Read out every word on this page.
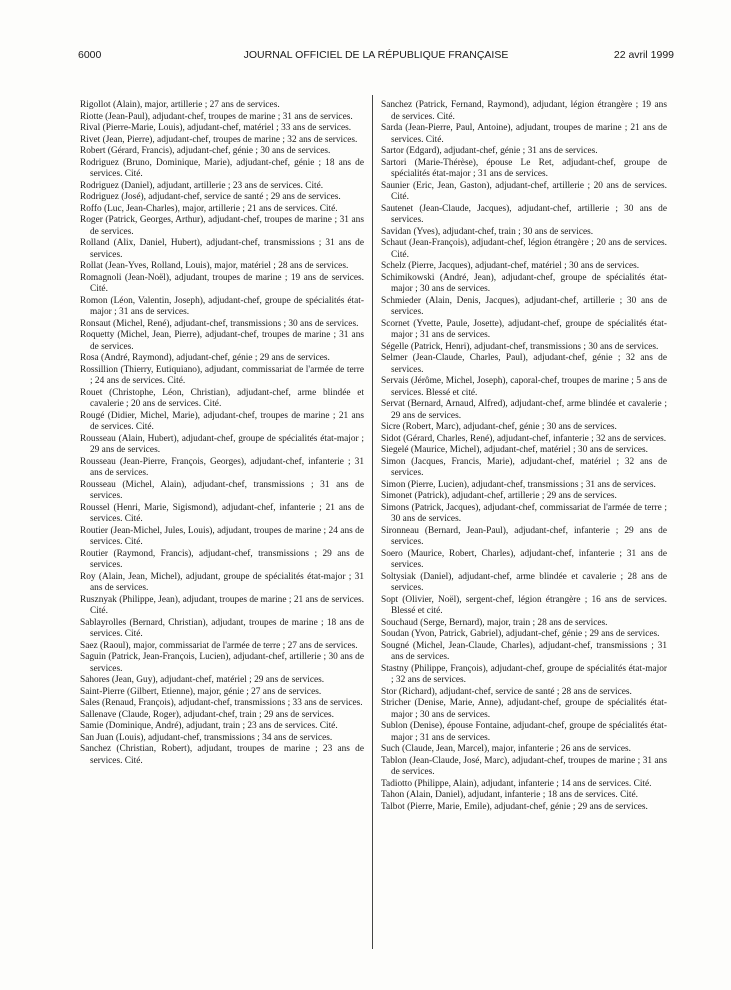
6000	JOURNAL OFFICIEL DE LA RÉPUBLIQUE FRANÇAISE	22 avril 1999

Rigollot (Alain), major, artillerie ; 27 ans de services.

Riotte (Jean-Paul), adjudant-chef, troupes de marine ; 31 ans de services.

Rival (Pierre-Marie, Louis), adjudant-chef, matériel ; 33 ans de services.

Rivet (Jean, Pierre), adjudant-chef, troupes de marine ; 32 ans de services.

Robert (Gérard, Francis), adjudant-chef, génie ; 30 ans de services.

Rodriguez (Bruno, Dominique, Marie), adjudant-chef, génie ; 18 ans de services. Cité.

Rodriguez (Daniel), adjudant, artillerie ; 23 ans de services. Cité.

Rodriguez (José), adjudant-chef, service de santé ; 29 ans de services.

Roffo (Luc, Jean-Charles), major, artillerie ; 21 ans de services. Cité.

Roger (Patrick, Georges, Arthur), adjudant-chef, troupes de marine ; 31 ans de services.

Rolland (Alix, Daniel, Hubert), adjudant-chef, transmissions ; 31 ans de services.

Rollat (Jean-Yves, Rolland, Louis), major, matériel ; 28 ans de services.

Romagnoli (Jean-Noël), adjudant, troupes de marine ; 19 ans de services. Cité.

Romon (Léon, Valentin, Joseph), adjudant-chef, groupe de spécialités état-major ; 31 ans de services.

Ronsaut (Michel, René), adjudant-chef, transmissions ; 30 ans de services.

Roquetty (Michel, Jean, Pierre), adjudant-chef, troupes de marine ; 31 ans de services.

Rosa (André, Raymond), adjudant-chef, génie ; 29 ans de services.

Rossillion (Thierry, Eutiquiano), adjudant, commissariat de l'armée de terre ; 24 ans de services. Cité.

Rouet (Christophe, Léon, Christian), adjudant-chef, arme blindée et cavalerie ; 20 ans de services. Cité.

Rougé (Didier, Michel, Marie), adjudant-chef, troupes de marine ; 21 ans de services. Cité.

Rousseau (Alain, Hubert), adjudant-chef, groupe de spécialités état-major ; 29 ans de services.

Rousseau (Jean-Pierre, François, Georges), adjudant-chef, infanterie ; 31 ans de services.

Rousseau (Michel, Alain), adjudant-chef, transmissions ; 31 ans de services.

Roussel (Henri, Marie, Sigismond), adjudant-chef, infanterie ; 21 ans de services. Cité.

Routier (Jean-Michel, Jules, Louis), adjudant, troupes de marine ; 24 ans de services. Cité.

Routier (Raymond, Francis), adjudant-chef, transmissions ; 29 ans de services.

Roy (Alain, Jean, Michel), adjudant, groupe de spécialités état-major ; 31 ans de services.

Rusznyak (Philippe, Jean), adjudant, troupes de marine ; 21 ans de services. Cité.

Sablayrolles (Bernard, Christian), adjudant, troupes de marine ; 18 ans de services. Cité.

Saez (Raoul), major, commissariat de l'armée de terre ; 27 ans de services.

Saguin (Patrick, Jean-François, Lucien), adjudant-chef, artillerie ; 30 ans de services.

Sahores (Jean, Guy), adjudant-chef, matériel ; 29 ans de services.

Saint-Pierre (Gilbert, Etienne), major, génie ; 27 ans de services.

Sales (Renaud, François), adjudant-chef, transmissions ; 33 ans de services.

Sallenave (Claude, Roger), adjudant-chef, train ; 29 ans de services.

Samie (Dominique, André), adjudant, train ; 23 ans de services. Cité.

San Juan (Louis), adjudant-chef, transmissions ; 34 ans de services.

Sanchez (Christian, Robert), adjudant, troupes de marine ; 23 ans de services. Cité.

Sanchez (Patrick, Fernand, Raymond), adjudant, légion étrangère ; 19 ans de services. Cité.

Sarda (Jean-Pierre, Paul, Antoine), adjudant, troupes de marine ; 21 ans de services. Cité.

Sartor (Edgard), adjudant-chef, génie ; 31 ans de services.

Sartori (Marie-Thérèse), épouse Le Ret, adjudant-chef, groupe de spécialités état-major ; 31 ans de services.

Saunier (Eric, Jean, Gaston), adjudant-chef, artillerie ; 20 ans de services. Cité.

Sautenet (Jean-Claude, Jacques), adjudant-chef, artillerie ; 30 ans de services.

Savidan (Yves), adjudant-chef, train ; 30 ans de services.

Schaut (Jean-François), adjudant-chef, légion étrangère ; 20 ans de services. Cité.

Schelz (Pierre, Jacques), adjudant-chef, matériel ; 30 ans de services.

Schimikowski (André, Jean), adjudant-chef, groupe de spécialités état-major ; 30 ans de services.

Schmieder (Alain, Denis, Jacques), adjudant-chef, artillerie ; 30 ans de services.

Scornet (Yvette, Paule, Josette), adjudant-chef, groupe de spécialités état-major ; 31 ans de services.

Ségelle (Patrick, Henri), adjudant-chef, transmissions ; 30 ans de services.

Selmer (Jean-Claude, Charles, Paul), adjudant-chef, génie ; 32 ans de services.

Servais (Jérôme, Michel, Joseph), caporal-chef, troupes de marine ; 5 ans de services. Blessé et cité.

Servat (Bernard, Arnaud, Alfred), adjudant-chef, arme blindée et cavalerie ; 29 ans de services.

Sicre (Robert, Marc), adjudant-chef, génie ; 30 ans de services.

Sidot (Gérard, Charles, René), adjudant-chef, infanterie ; 32 ans de services.

Siegelé (Maurice, Michel), adjudant-chef, matériel ; 30 ans de services.

Simon (Jacques, Francis, Marie), adjudant-chef, matériel ; 32 ans de services.

Simon (Pierre, Lucien), adjudant-chef, transmissions ; 31 ans de services.

Simonet (Patrick), adjudant-chef, artillerie ; 29 ans de services.

Simons (Patrick, Jacques), adjudant-chef, commissariat de l'armée de terre ; 30 ans de services.

Sironneau (Bernard, Jean-Paul), adjudant-chef, infanterie ; 29 ans de services.

Soero (Maurice, Robert, Charles), adjudant-chef, infanterie ; 31 ans de services.

Soltysiak (Daniel), adjudant-chef, arme blindée et cavalerie ; 28 ans de services.

Sopt (Olivier, Noël), sergent-chef, légion étrangère ; 16 ans de services. Blessé et cité.

Souchaud (Serge, Bernard), major, train ; 28 ans de services.

Soudan (Yvon, Patrick, Gabriel), adjudant-chef, génie ; 29 ans de services.

Sougné (Michel, Jean-Claude, Charles), adjudant-chef, transmissions ; 31 ans de services.

Stastny (Philippe, François), adjudant-chef, groupe de spécialités état-major ; 32 ans de services.

Stor (Richard), adjudant-chef, service de santé ; 28 ans de services.

Stricher (Denise, Marie, Anne), adjudant-chef, groupe de spécialités état-major ; 30 ans de services.

Sublon (Denise), épouse Fontaine, adjudant-chef, groupe de spécialités état-major ; 31 ans de services.

Such (Claude, Jean, Marcel), major, infanterie ; 26 ans de services.

Tablon (Jean-Claude, José, Marc), adjudant-chef, troupes de marine ; 31 ans de services.

Tadiotto (Philippe, Alain), adjudant, infanterie ; 14 ans de services. Cité.

Tahon (Alain, Daniel), adjudant, infanterie ; 18 ans de services. Cité.

Talbot (Pierre, Marie, Emile), adjudant-chef, génie ; 29 ans de services.
